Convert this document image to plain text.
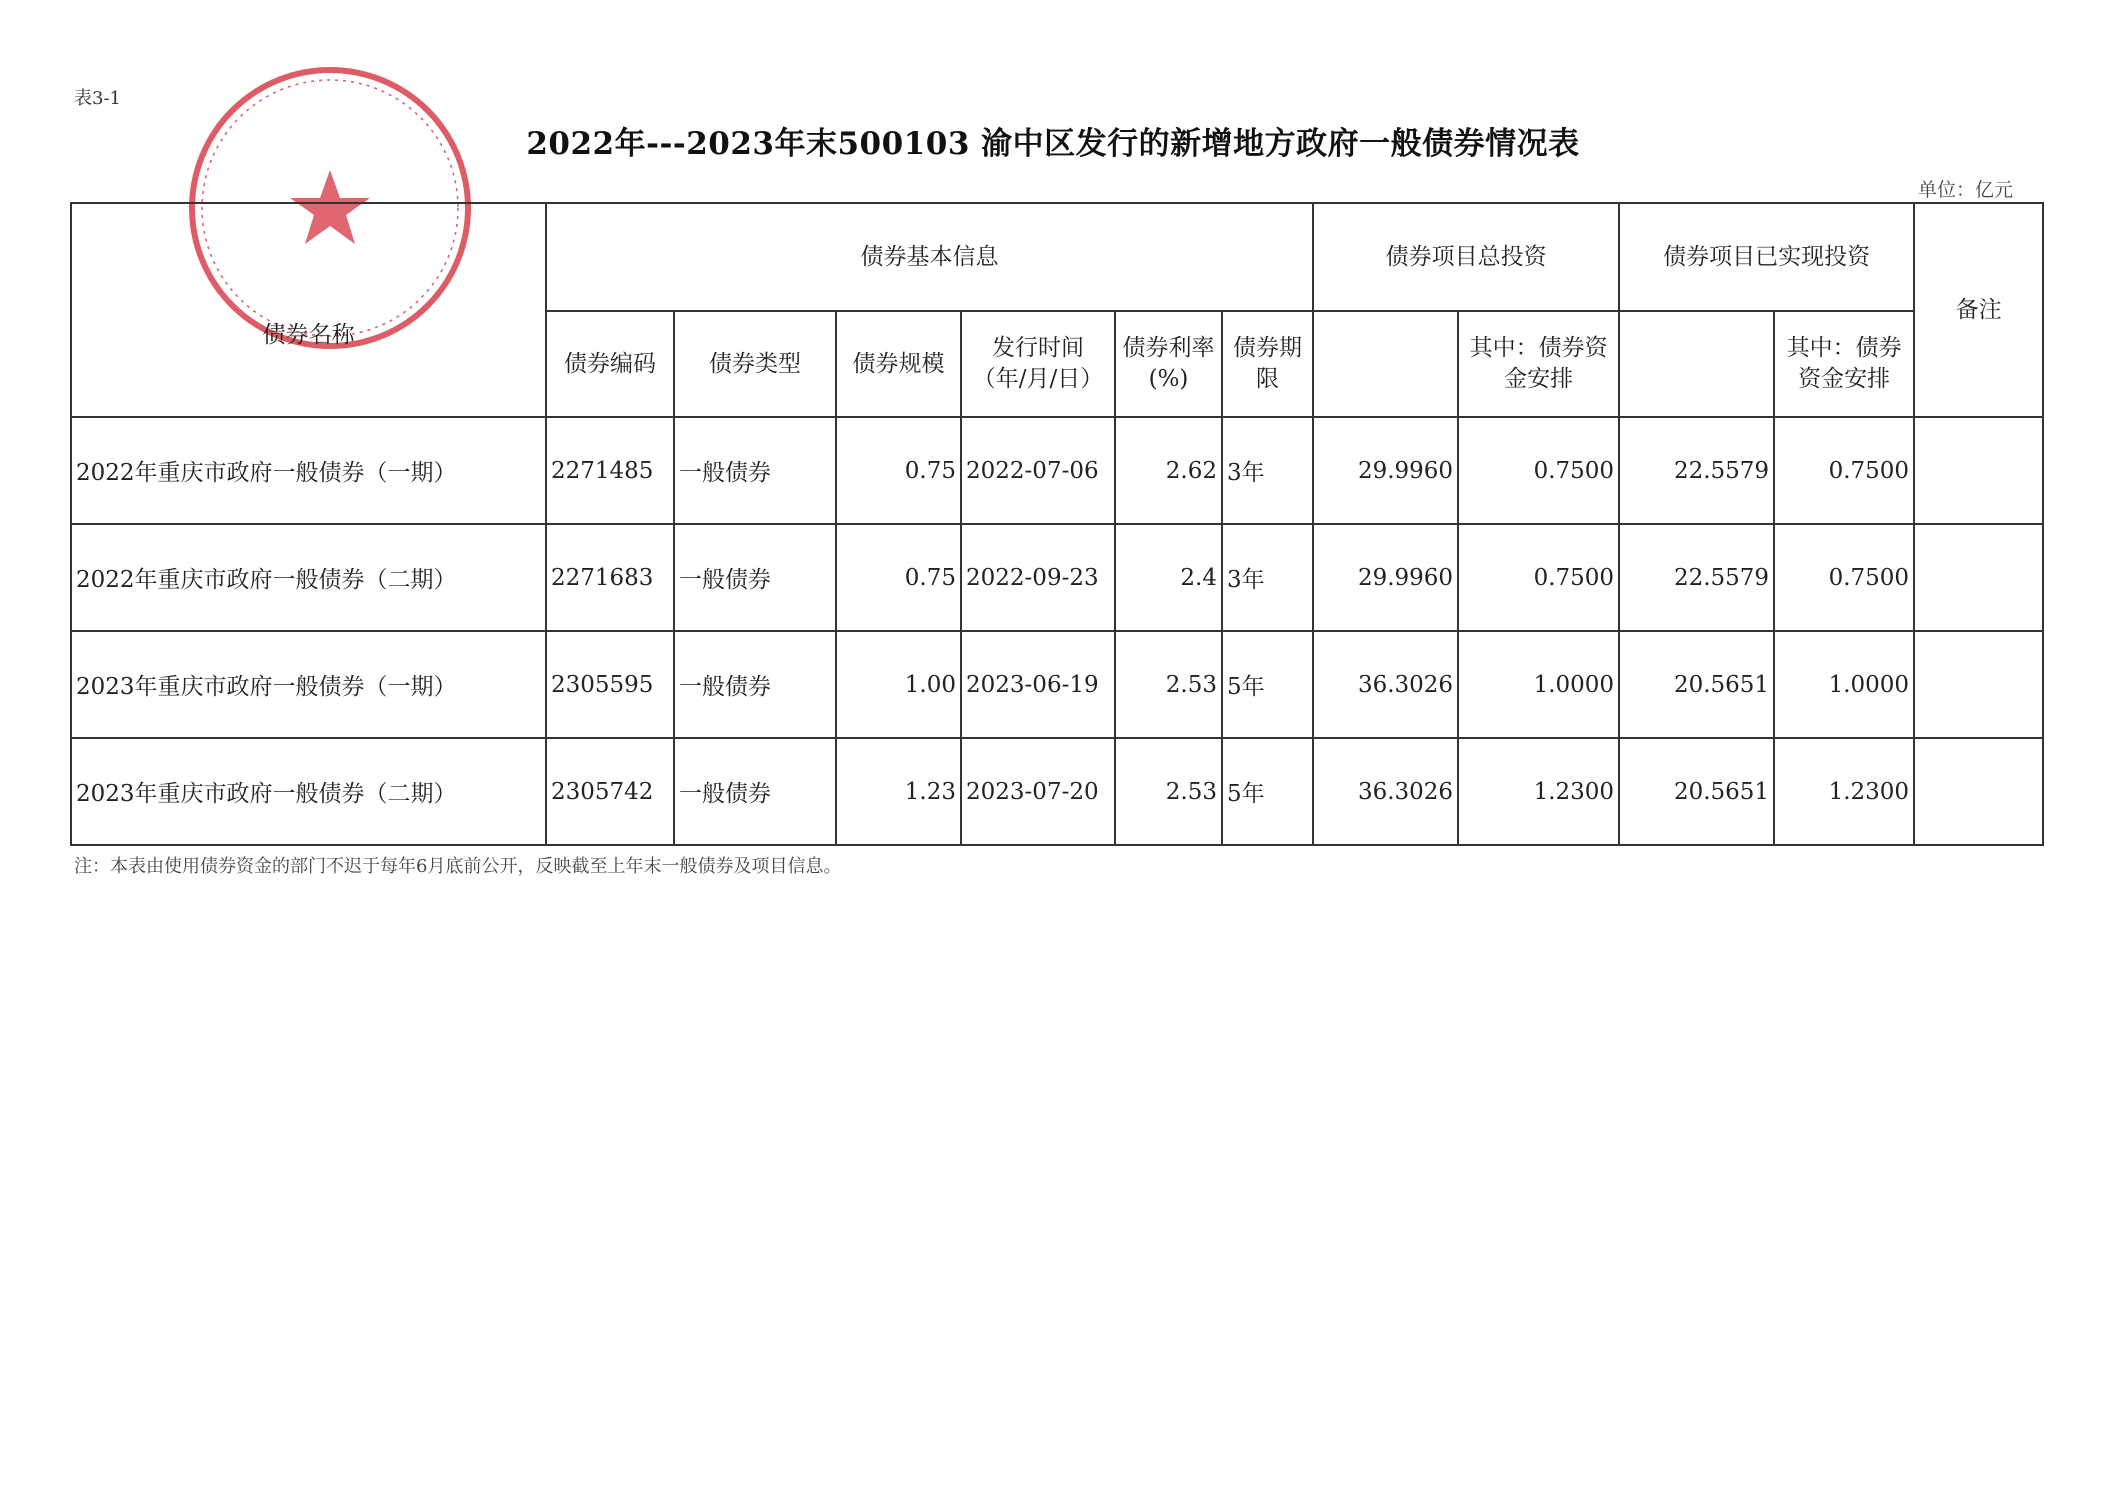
表3-1
2022年---2023年末500103 渝中区发行的新增地方政府一般债券情况表
单位：亿元
债券名称	债券基本信息						债券项目总投资		债券项目已实现投资		备注
	债券编码	债券类型	债券规模	发行时间（年/月/日）	债券利率(%)	债券期限		其中：债券资金安排		其中：债券资金安排	
2022年重庆市政府一般债券（一期）	2271485	一般债券	0.75	2022-07-06	2.62	3年	29.9960	0.7500	22.5579	0.7500	
2022年重庆市政府一般债券（二期）	2271683	一般债券	0.75	2022-09-23	2.4	3年	29.9960	0.7500	22.5579	0.7500	
2023年重庆市政府一般债券（一期）	2305595	一般债券	1.00	2023-06-19	2.53	5年	36.3026	1.0000	20.5651	1.0000	
2023年重庆市政府一般债券（二期）	2305742	一般债券	1.23	2023-07-20	2.53	5年	36.3026	1.2300	20.5651	1.2300	
注：本表由使用债券资金的部门不迟于每年6月底前公开，反映截至上年末一般债券及项目信息。
